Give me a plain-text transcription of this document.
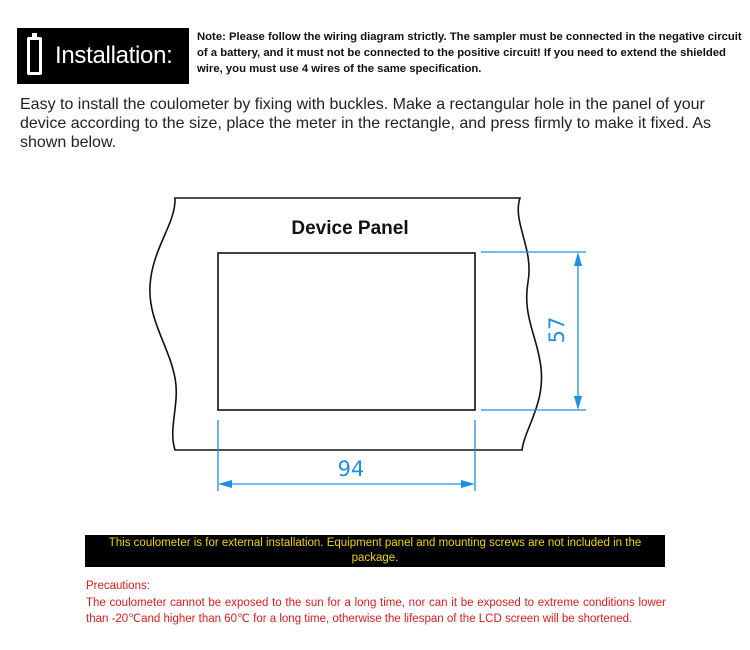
Installation:
Note: Please follow the wiring diagram strictly. The sampler must be connected in the negative circuit of a battery, and it must not be connected to the positive circuit! If you need to extend the shielded wire, you must use 4 wires of the same specification.
Easy to install the coulometer by fixing with buckles. Make a rectangular hole in the panel of your device according to the size, place the meter in the rectangle, and press firmly to make it fixed. As shown below.
Device Panel
57
94
This coulometer is for external installation. Equipment panel and mounting screws are not included in the package.
Precautions:
The coulometer cannot be exposed to the sun for a long time, nor can it be exposed to extreme conditions lower than -20℃and higher than 60℃ for a long time, otherwise the lifespan of the LCD screen will be shortened.
